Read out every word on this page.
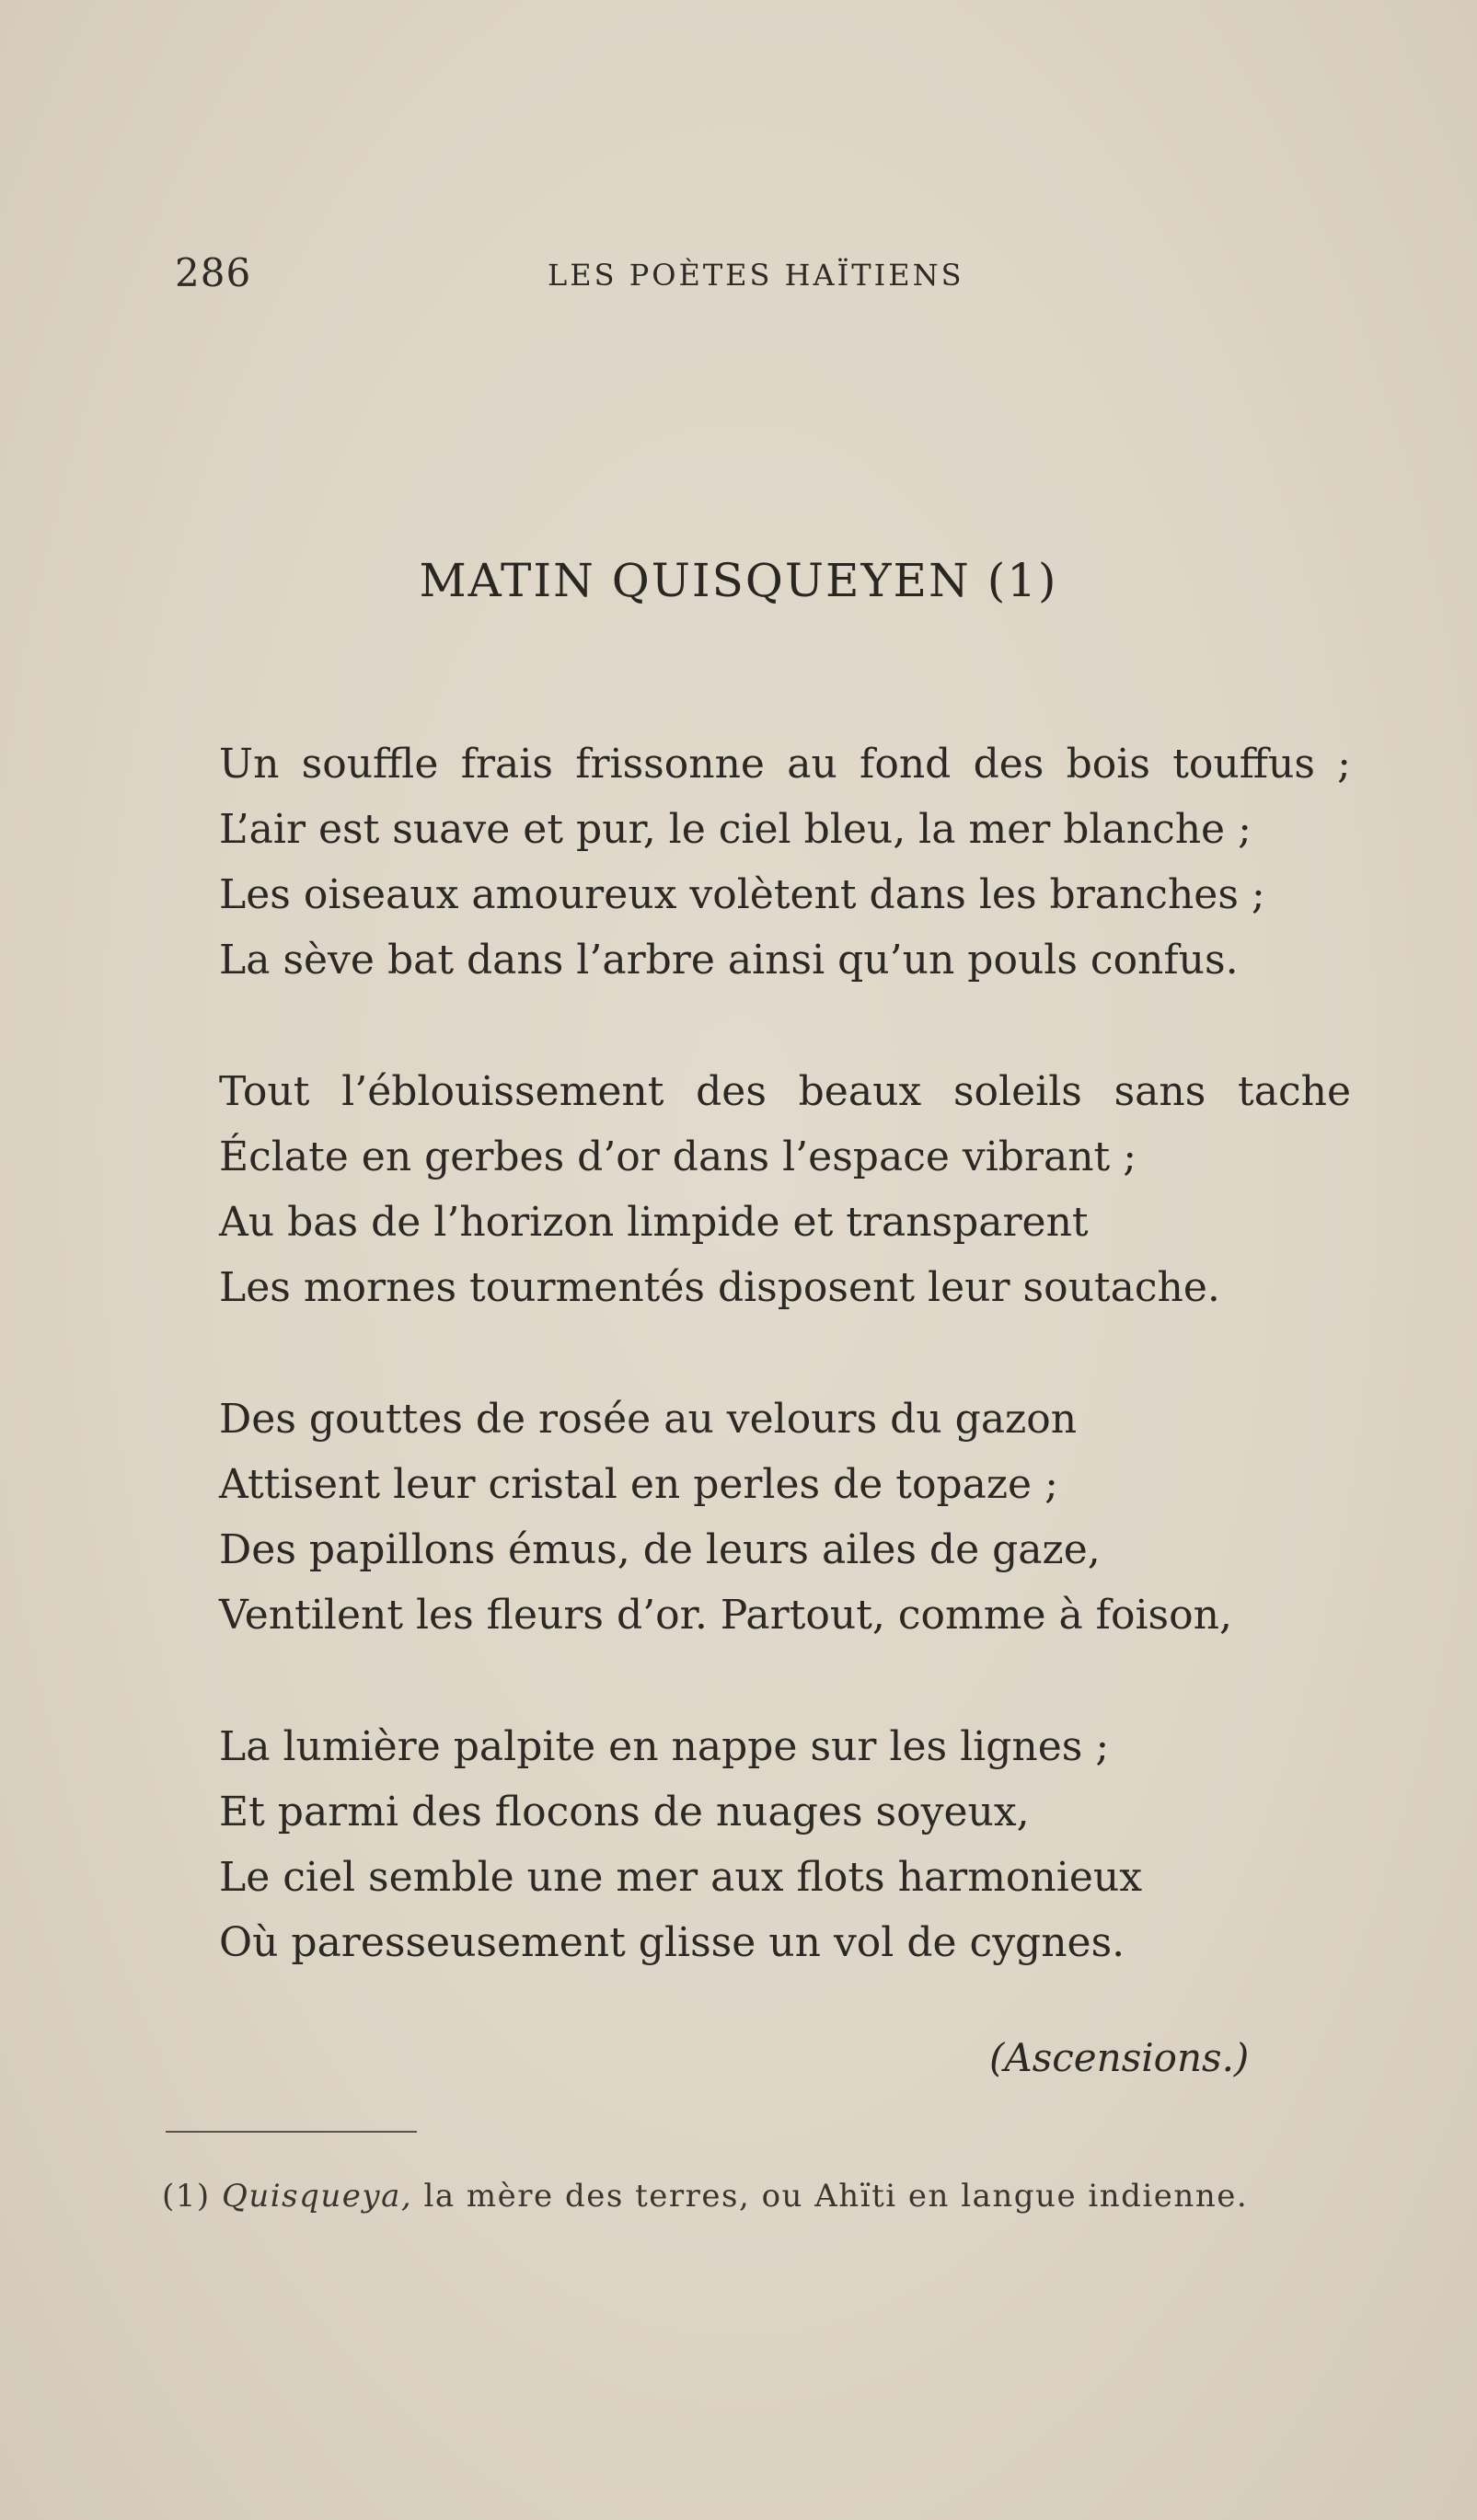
286	LES POÈTES HAÏTIENS
MATIN QUISQUEYEN (1)
Un souffle frais frissonne au fond des bois touffus ;
L’air est suave et pur, le ciel bleu, la mer blanche ;
Les oiseaux amoureux volètent dans les branches ;
La sève bat dans l’arbre ainsi qu’un pouls confus.
Tout l’éblouissement des beaux soleils sans tache
Éclate en gerbes d’or dans l’espace vibrant ;
Au bas de l’horizon limpide et transparent
Les mornes tourmentés disposent leur soutache.
Des gouttes de rosée au velours du gazon
Attisent leur cristal en perles de topaze ;
Des papillons émus, de leurs ailes de gaze,
Ventilent les fleurs d’or. Partout, comme à foison,
La lumière palpite en nappe sur les lignes ;
Et parmi des flocons de nuages soyeux,
Le ciel semble une mer aux flots harmonieux
Où paresseusement glisse un vol de cygnes.
(Ascensions.)
(1) Quisqueya, la mère des terres, ou Ahïti en langue indienne.
